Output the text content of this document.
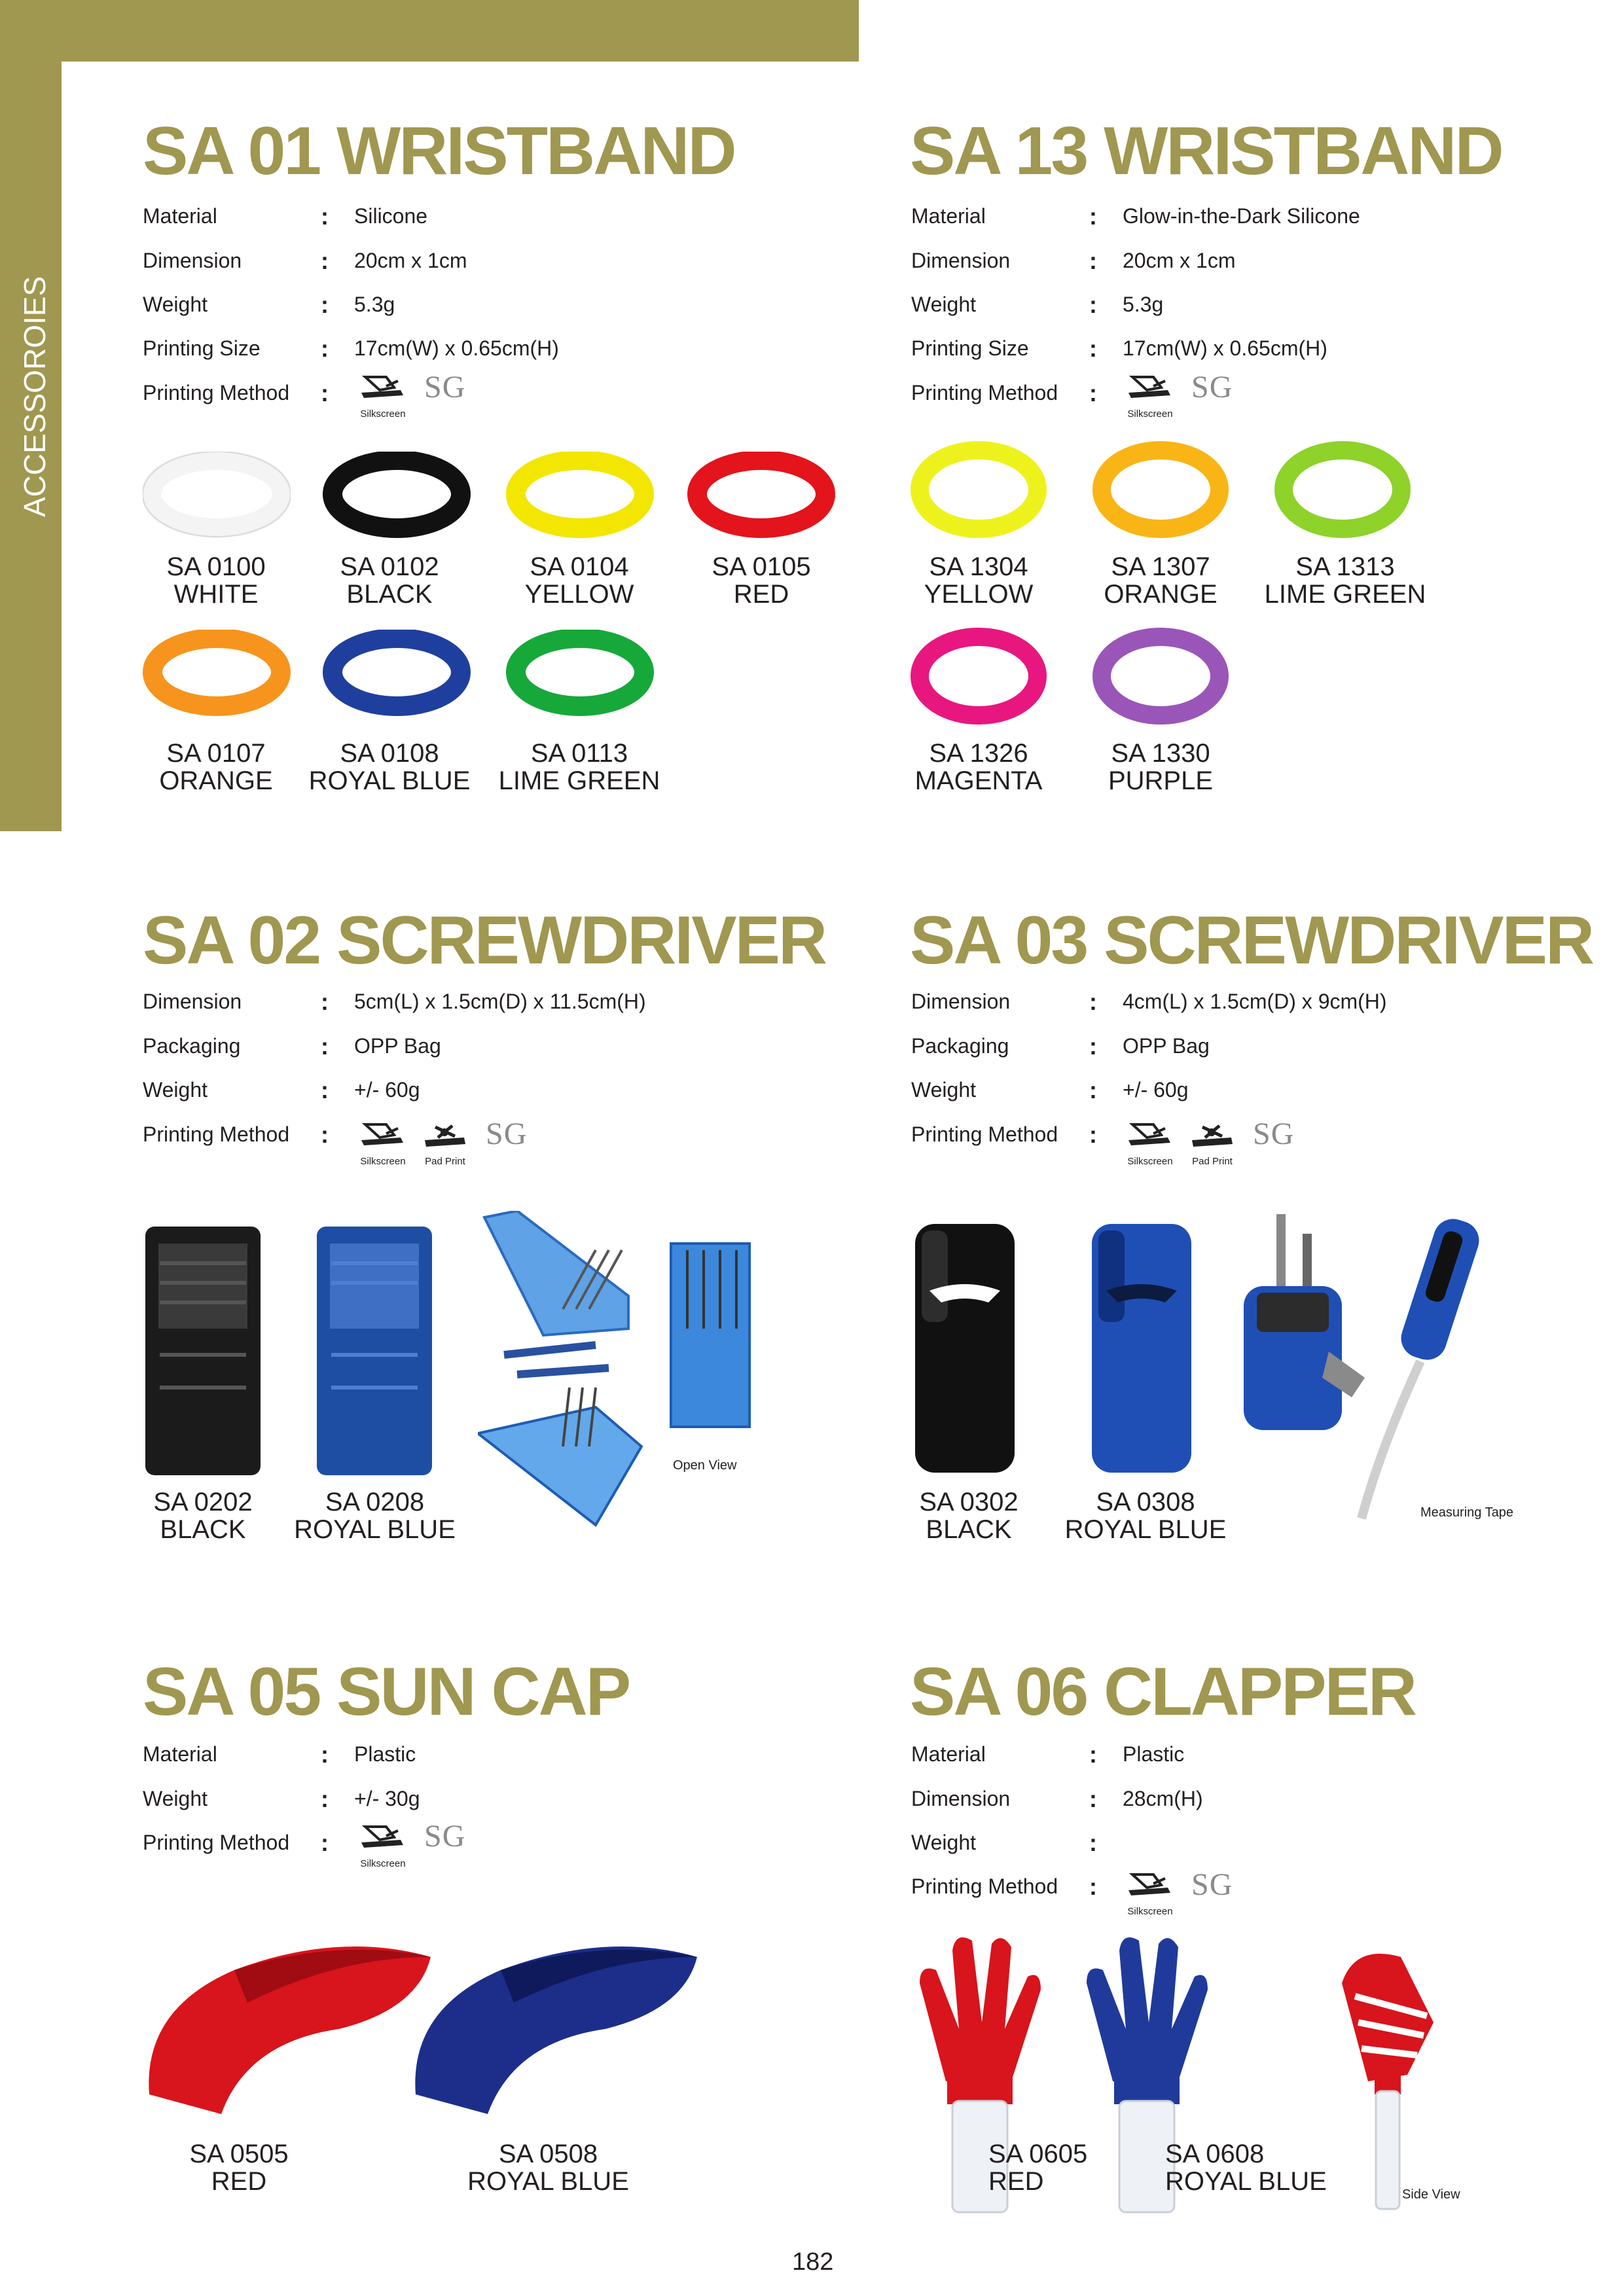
ACCESSOROIES
SA 01 WRISTBAND
Material	: Silicone
Dimension	: 20cm x 1cm
Weight	: 5.3g
Printing Size	: 17cm(W) x 0.65cm(H)
Printing Method :
Silkscreen
SG
SA 0100
WHITE
SA 0102
BLACK
SA 0104
YELLOW
SA 0105
RED
SA 0107
ORANGE
SA 0108
ROYAL BLUE
SA 0113
LIME GREEN
SA 13 WRISTBAND
Material	: Glow-in-the-Dark Silicone
Dimension	: 20cm x 1cm
Weight	: 5.3g
Printing Size	: 17cm(W) x 0.65cm(H)
Printing Method :
Silkscreen
SG
SA 1304
YELLOW
SA 1307
ORANGE
SA 1313
LIME GREEN
SA 1326
MAGENTA
SA 1330
PURPLE
SA 02 SCREWDRIVER
Dimension	: 5cm(L) x 1.5cm(D) x 11.5cm(H)
Packaging	: OPP Bag
Weight	: +/- 60g
Printing Method :
Silkscreen	Pad Print
SG
Open View
SA 0202
BLACK
SA 0208
ROYAL BLUE
SA 03 SCREWDRIVER
Dimension	: 4cm(L) x 1.5cm(D) x 9cm(H)
Packaging	: OPP Bag
Weight	: +/- 60g
Printing Method :
Silkscreen	Pad Print
SG
Measuring Tape
SA 0302
BLACK
SA 0308
ROYAL BLUE
SA 05 SUN CAP
Material	: Plastic
Weight	: +/- 30g
Printing Method :
Silkscreen
SG
SA 0505
RED
SA 0508
ROYAL BLUE
SA 06 CLAPPER
Material	: Plastic
Dimension	: 28cm(H)
Weight	:
Printing Method :
Silkscreen
SG
Side View
SA 0605
RED
SA 0608
ROYAL BLUE
182
